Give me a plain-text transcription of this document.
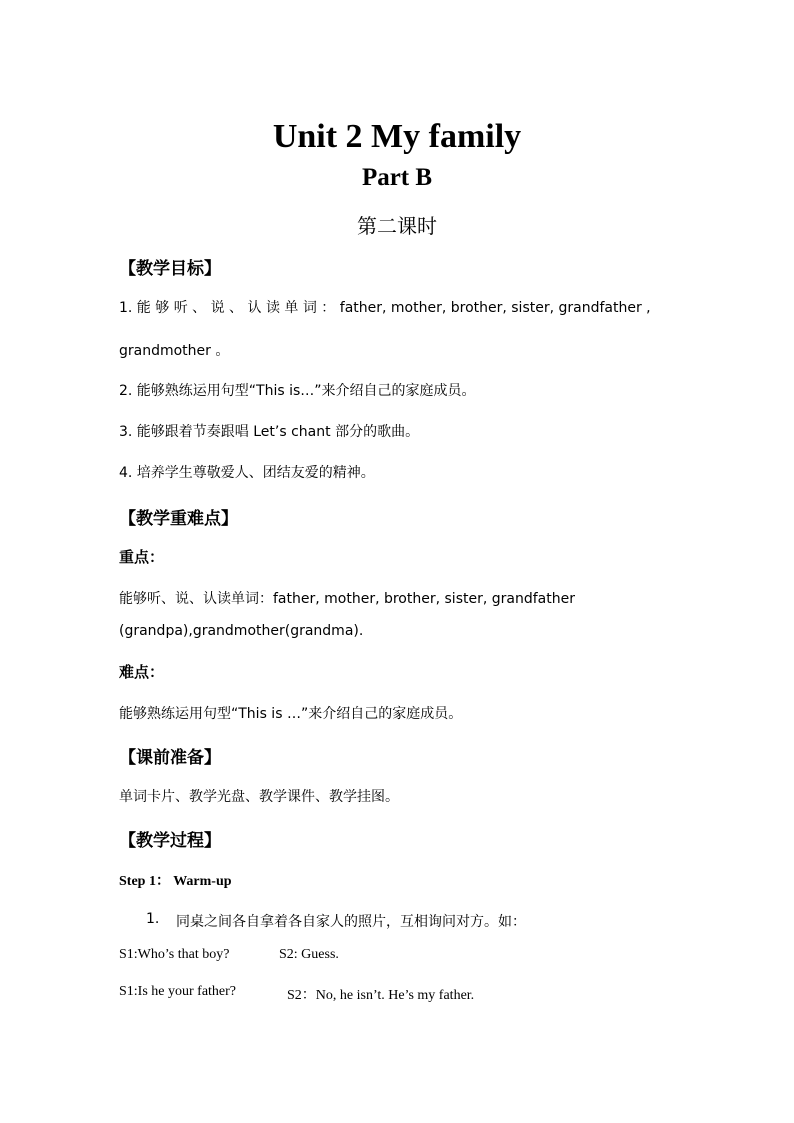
Unit 2 My family
Part B
第二课时
【教学目标】
1. 能 够 听 、 说 、 认 读 单 词 ： father, mother, brother, sister, grandfather ,
grandmother 。
2. 能够熟练运用句型“This is…”来介绍自己的家庭成员。
3. 能够跟着节奏跟唱 Let’s chant 部分的歌曲。
4. 培养学生尊敬爱人、团结友爱的精神。
【教学重难点】
重点：
能够听、说、认读单词：father, mother, brother, sister, grandfather
(grandpa),grandmother(grandma).
难点：
能够熟练运用句型“This is …”来介绍自己的家庭成员。
【课前准备】
单词卡片、教学光盘、教学课件、教学挂图。
【教学过程】
Step 1： Warm-up
1. 同桌之间各自拿着各自家人的照片，互相询问对方。如：
S1:Who’s that boy?	S2: Guess.
S1:Is he your father?	S2：No, he isn’t. He’s my father.
